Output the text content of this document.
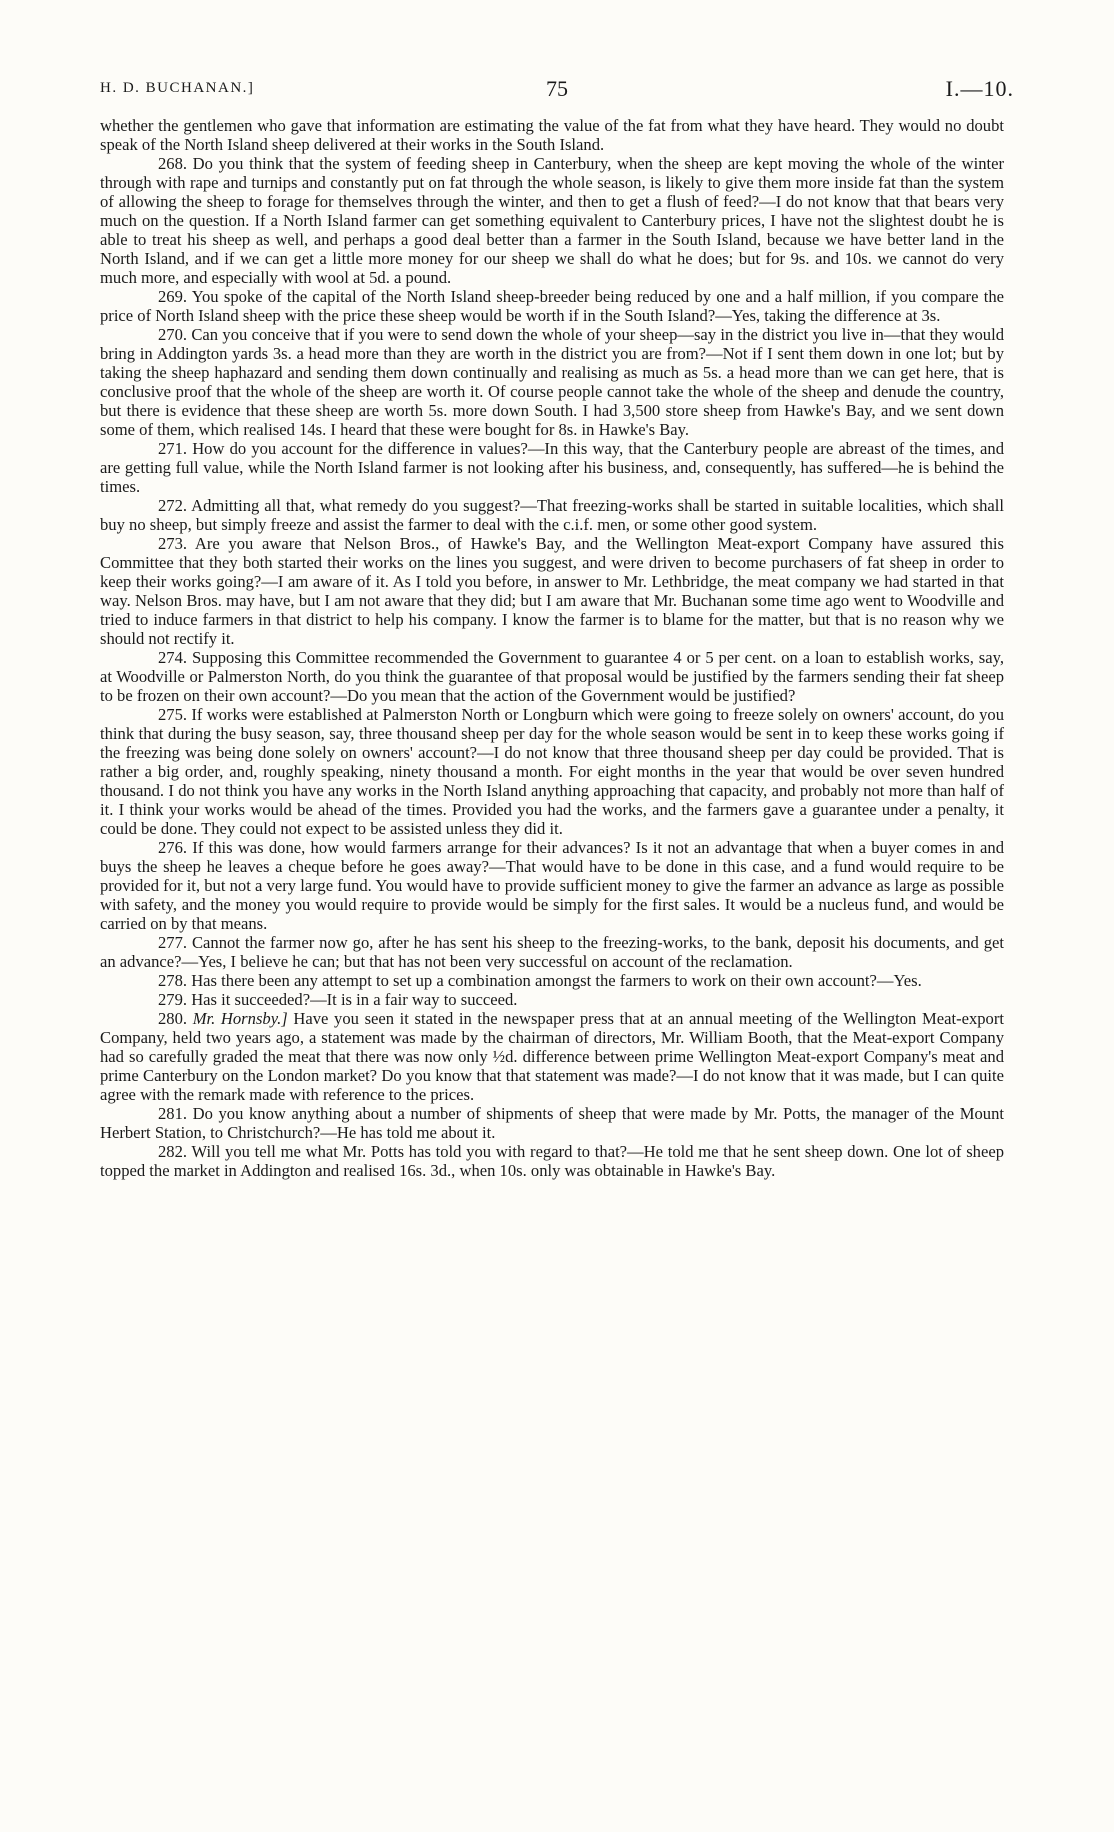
H. D. BUCHANAN.]	75	I.—10.

whether the gentlemen who gave that information are estimating the value of the fat from what they have heard. They would no doubt speak of the North Island sheep delivered at their works in the South Island.

268. Do you think that the system of feeding sheep in Canterbury, when the sheep are kept moving the whole of the winter through with rape and turnips and constantly put on fat through the whole season, is likely to give them more inside fat than the system of allowing the sheep to forage for themselves through the winter, and then to get a flush of feed?—I do not know that that bears very much on the question. If a North Island farmer can get something equivalent to Canterbury prices, I have not the slightest doubt he is able to treat his sheep as well, and perhaps a good deal better than a farmer in the South Island, because we have better land in the North Island, and if we can get a little more money for our sheep we shall do what he does; but for 9s. and 10s. we cannot do very much more, and especially with wool at 5d. a pound.

269. You spoke of the capital of the North Island sheep-breeder being reduced by one and a half million, if you compare the price of North Island sheep with the price these sheep would be worth if in the South Island?—Yes, taking the difference at 3s.

270. Can you conceive that if you were to send down the whole of your sheep—say in the district you live in—that they would bring in Addington yards 3s. a head more than they are worth in the district you are from?—Not if I sent them down in one lot; but by taking the sheep haphazard and sending them down continually and realising as much as 5s. a head more than we can get here, that is conclusive proof that the whole of the sheep are worth it. Of course people cannot take the whole of the sheep and denude the country, but there is evidence that these sheep are worth 5s. more down South. I had 3,500 store sheep from Hawke's Bay, and we sent down some of them, which realised 14s. I heard that these were bought for 8s. in Hawke's Bay.

271. How do you account for the difference in values?—In this way, that the Canterbury people are abreast of the times, and are getting full value, while the North Island farmer is not looking after his business, and, consequently, has suffered—he is behind the times.

272. Admitting all that, what remedy do you suggest?—That freezing-works shall be started in suitable localities, which shall buy no sheep, but simply freeze and assist the farmer to deal with the c.i.f. men, or some other good system.

273. Are you aware that Nelson Bros., of Hawke's Bay, and the Wellington Meat-export Company have assured this Committee that they both started their works on the lines you suggest, and were driven to become purchasers of fat sheep in order to keep their works going?—I am aware of it. As I told you before, in answer to Mr. Lethbridge, the meat company we had started in that way. Nelson Bros. may have, but I am not aware that they did; but I am aware that Mr. Buchanan some time ago went to Woodville and tried to induce farmers in that district to help his company. I know the farmer is to blame for the matter, but that is no reason why we should not rectify it.

274. Supposing this Committee recommended the Government to guarantee 4 or 5 per cent. on a loan to establish works, say, at Woodville or Palmerston North, do you think the guarantee of that proposal would be justified by the farmers sending their fat sheep to be frozen on their own account?—Do you mean that the action of the Government would be justified?

275. If works were established at Palmerston North or Longburn which were going to freeze solely on owners' account, do you think that during the busy season, say, three thousand sheep per day for the whole season would be sent in to keep these works going if the freezing was being done solely on owners' account?—I do not know that three thousand sheep per day could be provided. That is rather a big order, and, roughly speaking, ninety thousand a month. For eight months in the year that would be over seven hundred thousand. I do not think you have any works in the North Island anything approaching that capacity, and probably not more than half of it. I think your works would be ahead of the times. Provided you had the works, and the farmers gave a guarantee under a penalty, it could be done. They could not expect to be assisted unless they did it.

276. If this was done, how would farmers arrange for their advances? Is it not an advantage that when a buyer comes in and buys the sheep he leaves a cheque before he goes away?—That would have to be done in this case, and a fund would require to be provided for it, but not a very large fund. You would have to provide sufficient money to give the farmer an advance as large as possible with safety, and the money you would require to provide would be simply for the first sales. It would be a nucleus fund, and would be carried on by that means.

277. Cannot the farmer now go, after he has sent his sheep to the freezing-works, to the bank, deposit his documents, and get an advance?—Yes, I believe he can; but that has not been very successful on account of the reclamation.

278. Has there been any attempt to set up a combination amongst the farmers to work on their own account?—Yes.

279. Has it succeeded?—It is in a fair way to succeed.

280. Mr. Hornsby.] Have you seen it stated in the newspaper press that at an annual meeting of the Wellington Meat-export Company, held two years ago, a statement was made by the chairman of directors, Mr. William Booth, that the Meat-export Company had so carefully graded the meat that there was now only ½d. difference between prime Wellington Meat-export Company's meat and prime Canterbury on the London market? Do you know that that statement was made?—I do not know that it was made, but I can quite agree with the remark made with reference to the prices.

281. Do you know anything about a number of shipments of sheep that were made by Mr. Potts, the manager of the Mount Herbert Station, to Christchurch?—He has told me about it.

282. Will you tell me what Mr. Potts has told you with regard to that?—He told me that he sent sheep down. One lot of sheep topped the market in Addington and realised 16s. 3d., when 10s. only was obtainable in Hawke's Bay.
